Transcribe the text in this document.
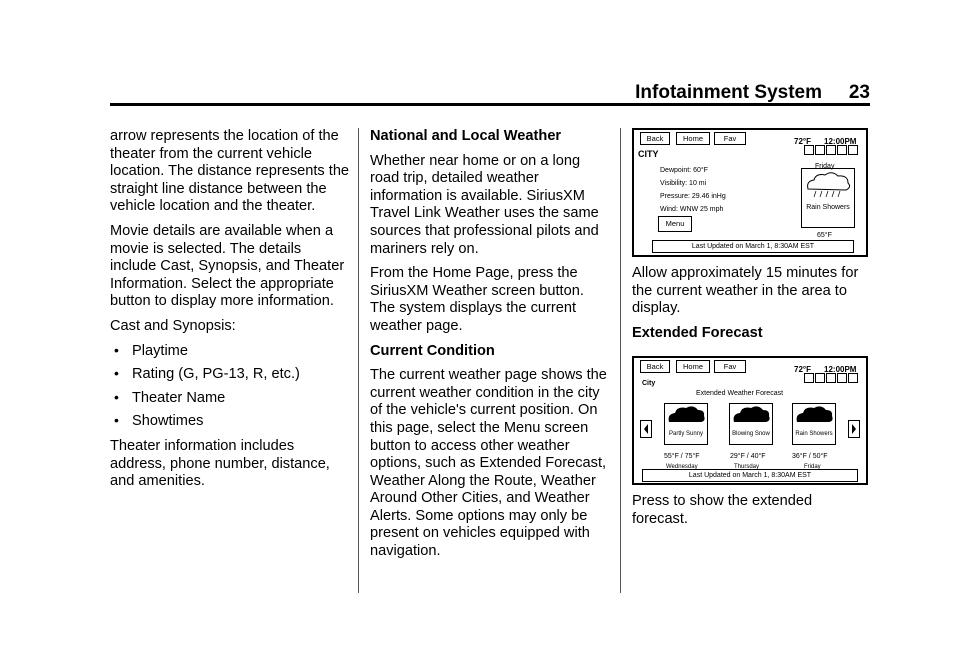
Infotainment System 23

arrow represents the location of the theater from the current vehicle location. The distance represents the straight line distance between the vehicle location and the theater.

Movie details are available when a movie is selected. The details include Cast, Synopsis, and Theater Information. Select the appropriate button to display more information.

Cast and Synopsis:

• Playtime
• Rating (G, PG-13, R, etc.)
• Theater Name
• Showtimes

Theater information includes address, phone number, distance, and amenities.

National and Local Weather

Whether near home or on a long road trip, detailed weather information is available. SiriusXM Travel Link Weather uses the same sources that professional pilots and mariners rely on.

From the Home Page, press the SiriusXM Weather screen button. The system displays the current weather page.

Current Condition

The current weather page shows the current weather condition in the city of the vehicle's current position. On this page, select the Menu screen button to access other weather options, such as Extended Forecast, Weather Along the Route, Weather Around Other Cities, and Weather Alerts. Some options may only be present on vehicles equipped with navigation.

Back	Home	Fav	72°F 12:00PM
CITY
Dewpoint: 60°F
Visibility: 10 mi
Pressure: 29.46 inHg
Wind: WNW 25 mph
Menu
Friday
Rain Showers
65°F
Last Updated on March 1, 8:30AM EST

Allow approximately 15 minutes for the current weather in the area to display.

Extended Forecast
Back	Home	Fav	72°F 12:00PM
City
Extended Weather Forecast
Partly Sunny	Blowing Snow	Rain Showers
55°F / 75°F	29°F / 40°F	36°F / 50°F
Wednesday	Thursday	Friday
Last Updated on March 1, 8:30AM EST

Press to show the extended forecast.
